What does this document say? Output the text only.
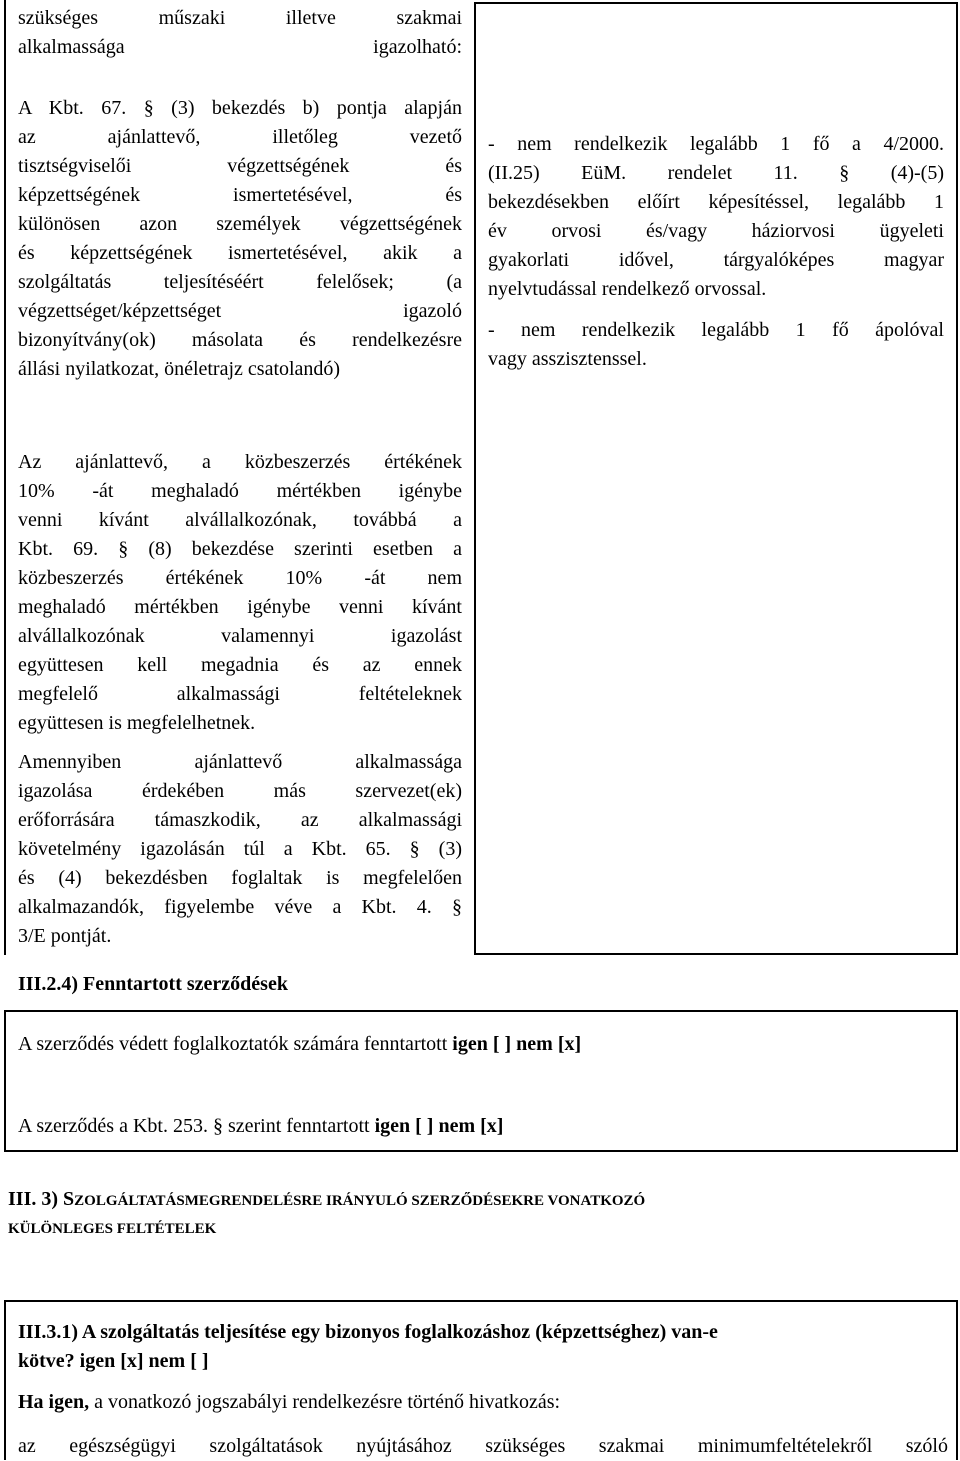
szükséges műszaki illetve szakmai

alkalmassága igazolható:

A Kbt. 67. § (3) bekezdés b) pontja alapján

az ajánlattevő, illetőleg vezető

tisztségviselői végzettségének és

képzettségének ismertetésével, és

különösen azon személyek végzettségének

és képzettségének ismertetésével, akik a

szolgáltatás teljesítéséért felelősek; (a

végzettséget/képzettséget igazoló

bizonyítvány(ok) másolata és rendelkezésre

állási nyilatkozat, önéletrajz csatolandó)

Az ajánlattevő, a közbeszerzés értékének

10% -át meghaladó mértékben igénybe

venni kívánt alvállalkozónak, továbbá a

Kbt. 69. § (8) bekezdése szerinti esetben a

közbeszerzés értékének 10% -át nem

meghaladó mértékben igénybe venni kívánt

alvállalkozónak valamennyi igazolást

együttesen kell megadnia és az ennek

megfelelő alkalmassági feltételeknek

együttesen is megfelelhetnek.

Amennyiben ajánlattevő alkalmassága

igazolása érdekében más szervezet(ek)

erőforrására támaszkodik, az alkalmassági

követelmény igazolásán túl a Kbt. 65. § (3)

és (4) bekezdésben foglaltak is megfelelően

alkalmazandók, figyelembe véve a Kbt. 4. §

3/E pontját.

- nem rendelkezik legalább 1 fő a 4/2000.

(II.25) EüM. rendelet 11. § (4)-(5)

bekezdésekben előírt képesítéssel, legalább 1

év orvosi és/vagy háziorvosi ügyeleti

gyakorlati idővel, tárgyalóképes magyar

nyelvtudással rendelkező orvossal.

- nem rendelkezik legalább 1 fő ápolóval

vagy asszisztenssel.

III.2.4) Fenntartott szerződések

A szerződés védett foglalkoztatók számára fenntartott igen [ ] nem [x]

A szerződés a Kbt. 253. § szerint fenntartott igen [ ] nem [x]

III. 3) SZOLGÁLTATÁSMEGRENDELÉSRE IRÁNYULÓ SZERZŐDÉSEKRE VONATKOZÓ

KÜLÖNLEGES FELTÉTELEK

III.3.1) A szolgáltatás teljesítése egy bizonyos foglalkozáshoz (képzettséghez) van-e

kötve? igen [x] nem [ ]

Ha igen, a vonatkozó jogszabályi rendelkezésre történő hivatkozás:

az egészségügyi szolgáltatások nyújtásához szükséges szakmai minimumfeltételekről szóló
